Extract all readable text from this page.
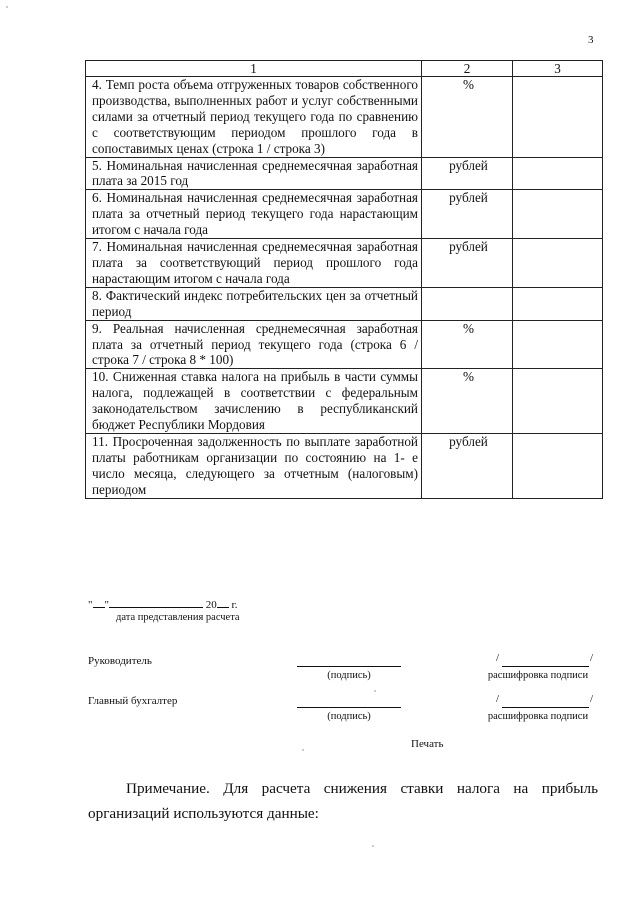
3
1	2	3
4. Темп роста объема отгруженных товаров собственного производства, выполненных работ и услуг собственными силами за отчетный период текущего года по сравнению с соответствующим периодом прошлого года в сопоставимых ценах (строка 1 / строка 3)	%	
5. Номинальная начисленная среднемесячная заработная плата за 2015 год	рублей	
6. Номинальная начисленная среднемесячная заработная плата за отчетный период текущего года нарастающим итогом с начала года	рублей	
7. Номинальная начисленная среднемесячная заработная плата за соответствующий период прошлого года нарастающим итогом с начала года	рублей	
8. Фактический индекс потребительских цен за отчетный период		
9. Реальная начисленная среднемесячная заработная плата за отчетный период текущего года (строка 6 / строка 7 / строка 8 * 100)	%	
10. Сниженная ставка налога на прибыль в части суммы налога, подлежащей в соответствии с федеральным законодательством зачислению в республиканский бюджет Республики Мордовия	%	
11. Просроченная задолженность по выплате заработной платы работникам организации по состоянию на 1- е число месяца, следующего за отчетным (налоговым) периодом	рублей	
" "	20 г.
дата представления расчета
Руководитель
(подпись)
/	/
расшифровка подписи
Главный бухгалтер
(подпись)
/	/
расшифровка подписи
Печать
Примечание. Для расчета снижения ставки налога на прибыль организаций используются данные:
